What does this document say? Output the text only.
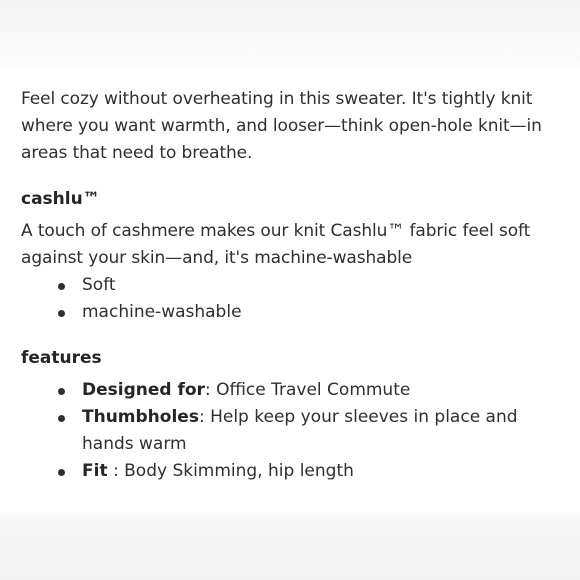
Feel cozy without overheating in this sweater. It's tightly knit where you want warmth, and looser—think open-hole knit—in areas that need to breathe.

cashlu™

A touch of cashmere makes our knit Cashlu™ fabric feel soft against your skin—and, it's machine-washable

Soft
machine-washable
features
Designed for: Office Travel Commute
Thumbholes: Help keep your sleeves in place and hands warm
Fit : Body Skimming, hip length
